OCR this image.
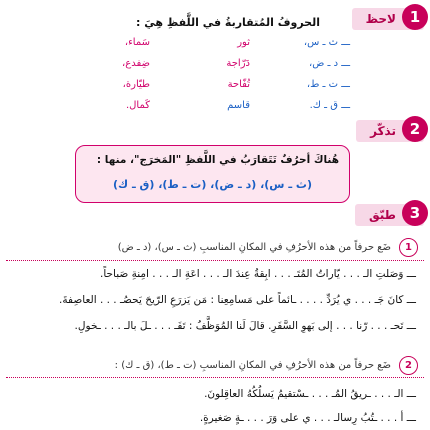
لاحظ 1
الحروفُ المُتقاربةُ في اللَّفظِ هِيَ :
ـــ ث ـ س،
ثور
سَماء،
ـــ د ـ ض،
دَرّاجة
ضِفدع،
ـــ ت ـ ط،
تُفّاحة
طيّارة،
ـــ ق ـ ك.
قاسم
كَمال.
تذكّر 2
هُناكَ أحرُفٌ تَتَقارَبُ في اللَّفظِ "المَخرَج"، منها :
(ث ـ س)، (د ـ ض)، (ت ـ ط)، (ق ـ ك)
طبّق 3
1
ضَع حرفاً من هذه الأحرُفِ في المكانِ المناسبِ (ث ـ س)، (د ـ ض)
ـــ وَصَلتِ الـ . . . يّاراتُ المُتَـ . . . ابِقةُ عِندَ الـ . . . اعَةِ الـ . . . امِنةِ صَباحاً.
ـــ كانَ جَـ . . . ي يُرَدِّ . . . . ـائماً على مَسامِعِنا : مَن يَزرَعِ الرّيحَ يَحصُـ . . . العاصِفةَ.
ـــ تَحـ . . . رّنا . . . إلى بَهوِ السَّفَرِ. قالَ لَنا المُوَظَّفُ : تَفَـ . . . ـلَ بالـ . . . ـخولِ.
2
ضَع حرفاً من هذه الأحرُفِ في المكانِ المناسبِ (ت ـ ط)، (ق ـ ك) :
ـــ الـ . . . ـريقُ المُـ . . . ـسْتقيمُ يَسلُكُهُ العاقِلونَ.
ـــ أ . . . ـتُبُ رِسالـ . . . ي على وَرَ . . . ـةٍ صَغيرةٍ.
